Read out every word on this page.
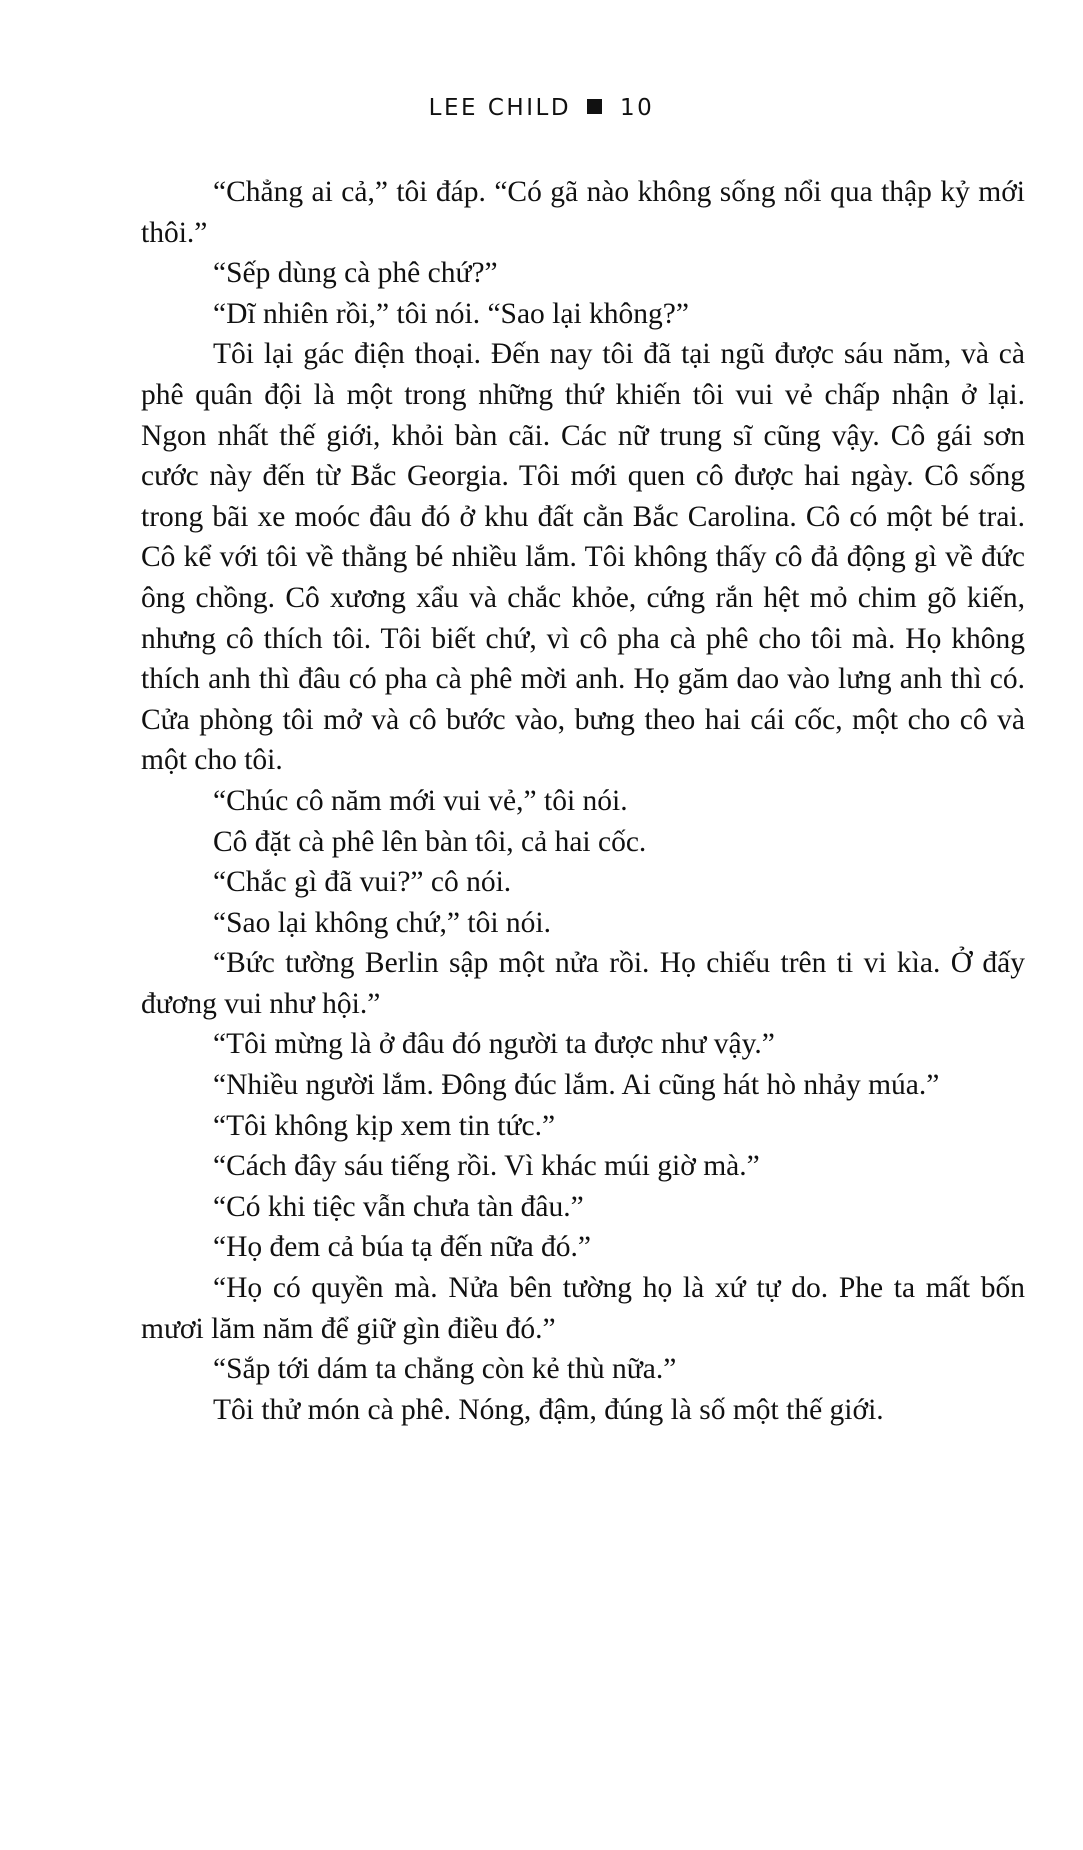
LEE CHILD 10

“Chẳng ai cả,” tôi đáp. “Có gã nào không sống nổi qua thập kỷ mới thôi.”

“Sếp dùng cà phê chứ?”

“Dĩ nhiên rồi,” tôi nói. “Sao lại không?”

Tôi lại gác điện thoại. Đến nay tôi đã tại ngũ được sáu năm, và cà phê quân đội là một trong những thứ khiến tôi vui vẻ chấp nhận ở lại. Ngon nhất thế giới, khỏi bàn cãi. Các nữ trung sĩ cũng vậy. Cô gái sơn cước này đến từ Bắc Georgia. Tôi mới quen cô được hai ngày. Cô sống trong bãi xe moóc đâu đó ở khu đất cằn Bắc Carolina. Cô có một bé trai. Cô kể với tôi về thằng bé nhiều lắm. Tôi không thấy cô đả động gì về đức ông chồng. Cô xương xẩu và chắc khỏe, cứng rắn hệt mỏ chim gõ kiến, nhưng cô thích tôi. Tôi biết chứ, vì cô pha cà phê cho tôi mà. Họ không thích anh thì đâu có pha cà phê mời anh. Họ găm dao vào lưng anh thì có. Cửa phòng tôi mở và cô bước vào, bưng theo hai cái cốc, một cho cô và một cho tôi.

“Chúc cô năm mới vui vẻ,” tôi nói.

Cô đặt cà phê lên bàn tôi, cả hai cốc.

“Chắc gì đã vui?” cô nói.

“Sao lại không chứ,” tôi nói.

“Bức tường Berlin sập một nửa rồi. Họ chiếu trên ti vi kìa. Ở đấy đương vui như hội.”

“Tôi mừng là ở đâu đó người ta được như vậy.”

“Nhiều người lắm. Đông đúc lắm. Ai cũng hát hò nhảy múa.”

“Tôi không kịp xem tin tức.”

“Cách đây sáu tiếng rồi. Vì khác múi giờ mà.”

“Có khi tiệc vẫn chưa tàn đâu.”

“Họ đem cả búa tạ đến nữa đó.”

“Họ có quyền mà. Nửa bên tường họ là xứ tự do. Phe ta mất bốn mươi lăm năm để giữ gìn điều đó.”

“Sắp tới dám ta chẳng còn kẻ thù nữa.”

Tôi thử món cà phê. Nóng, đậm, đúng là số một thế giới.
